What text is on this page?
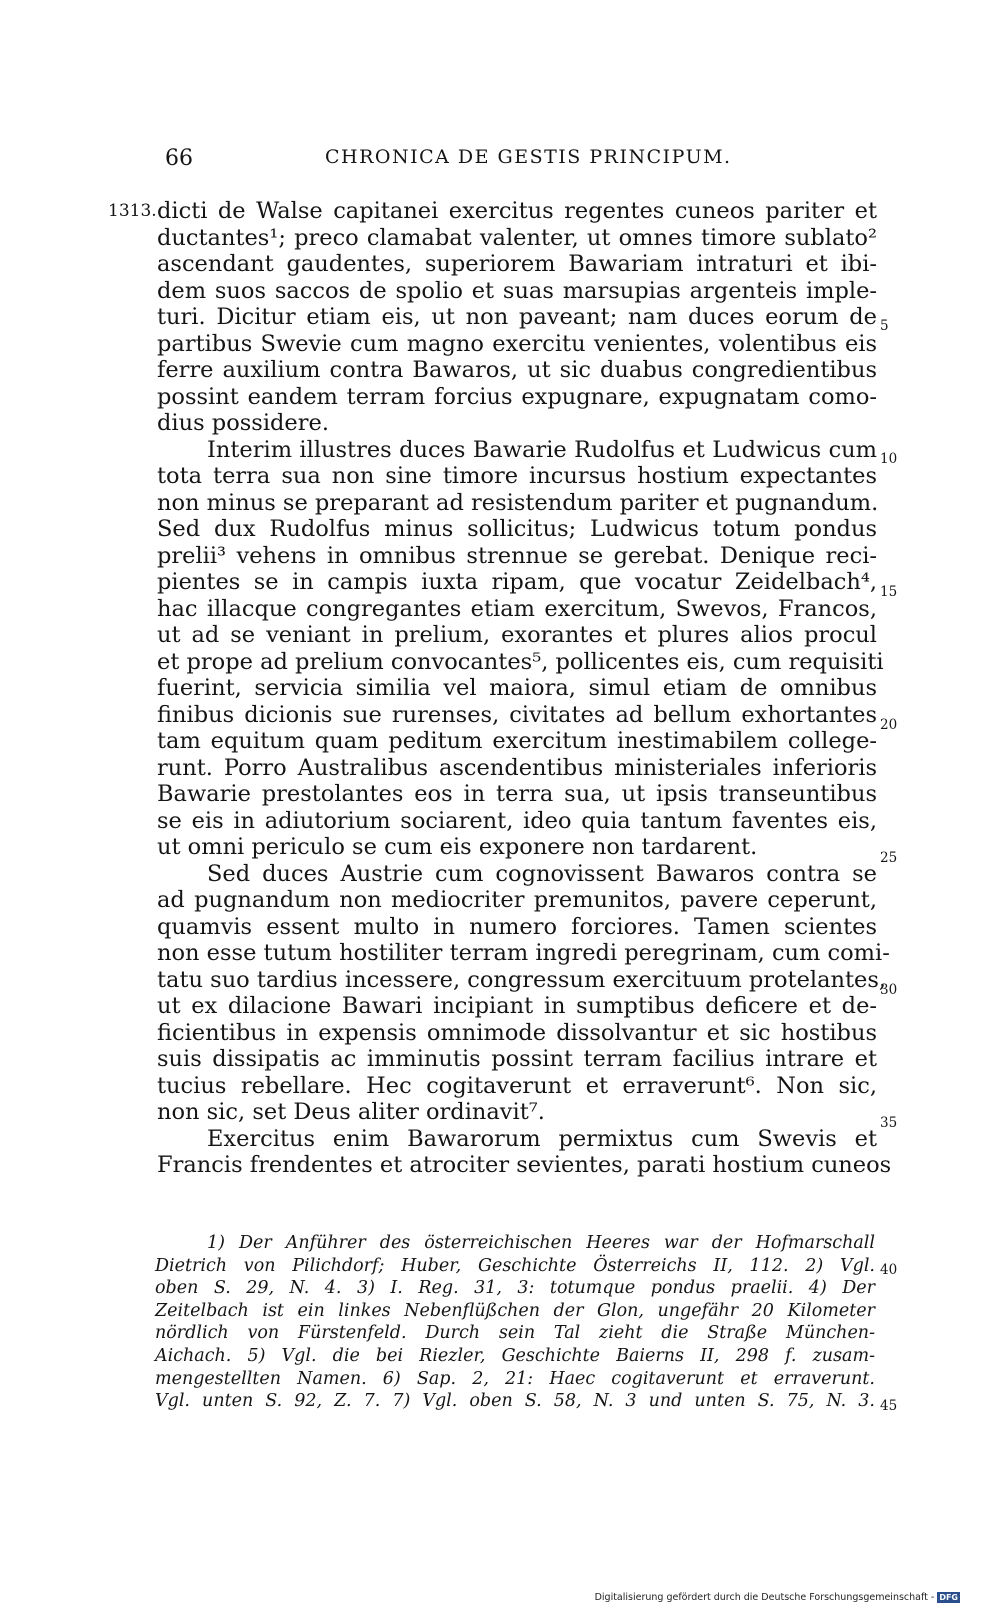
66	CHRONICA DE GESTIS PRINCIPUM.
1313. dicti de Walse capitanei exercitus regentes cuneos pariter et
ductantes¹; preco clamabat valenter, ut omnes timore sublato²
ascendant gaudentes, superiorem Bawariam intraturi et ibi-
dem suos saccos de spolio et suas marsupias argenteis imple-
turi. Dicitur etiam eis, ut non paveant; nam duces eorum de
partibus Swevie cum magno exercitu venientes, volentibus eis
ferre auxilium contra Bawaros, ut sic duabus congredientibus
possint eandem terram forcius expugnare, expugnatam como-
dius possidere.
Interim illustres duces Bawarie Rudolfus et Ludwicus cum
tota terra sua non sine timore incursus hostium expectantes
non minus se preparant ad resistendum pariter et pugnandum.
Sed dux Rudolfus minus sollicitus; Ludwicus totum pondus
prelii³ vehens in omnibus strennue se gerebat. Denique reci-
pientes se in campis iuxta ripam, que vocatur Zeidelbach⁴,
hac illacque congregantes etiam exercitum, Swevos, Francos,
ut ad se veniant in prelium, exorantes et plures alios procul
et prope ad prelium convocantes⁵, pollicentes eis, cum requisiti
fuerint, servicia similia vel maiora, simul etiam de omnibus
finibus dicionis sue rurenses, civitates ad bellum exhortantes
tam equitum quam peditum exercitum inestimabilem college-
runt. Porro Australibus ascendentibus ministeriales inferioris
Bawarie prestolantes eos in terra sua, ut ipsis transeuntibus
se eis in adiutorium sociarent, ideo quia tantum faventes eis,
ut omni periculo se cum eis exponere non tardarent.
Sed duces Austrie cum cognovissent Bawaros contra se
ad pugnandum non mediocriter premunitos, pavere ceperunt,
quamvis essent multo in numero forciores. Tamen scientes
non esse tutum hostiliter terram ingredi peregrinam, cum comi-
tatu suo tardius incessere, congressum exercituum protelantes,
ut ex dilacione Bawari incipiant in sumptibus deficere et de-
ficientibus in expensis omnimode dissolvantur et sic hostibus
suis dissipatis ac imminutis possint terram facilius intrare et
tucius rebellare. Hec cogitaverunt et erraverunt⁶. Non sic,
non sic, set Deus aliter ordinavit⁷.
Exercitus enim Bawarorum permixtus cum Swevis et
Francis frendentes et atrociter sevientes, parati hostium cuneos
1) Der Anführer des österreichischen Heeres war der Hofmarschall
Dietrich von Pilichdorf; Huber, Geschichte Österreichs II, 112. 2) Vgl.
oben S. 29, N. 4. 3) I. Reg. 31, 3: totumque pondus praelii. 4) Der
Zeitelbach ist ein linkes Nebenflüßchen der Glon, ungefähr 20 Kilometer
nördlich von Fürstenfeld. Durch sein Tal zieht die Straße München-
Aichach. 5) Vgl. die bei Riezler, Geschichte Baierns II, 298 f. zusam-
mengestellten Namen. 6) Sap. 2, 21: Haec cogitaverunt et erraverunt.
Vgl. unten S. 92, Z. 7. 7) Vgl. oben S. 58, N. 3 und unten S. 75, N. 3.
5
10
15
20
25
30
35
40
45
Digitalisierung gefördert durch die Deutsche Forschungsgemeinschaft - DFG
